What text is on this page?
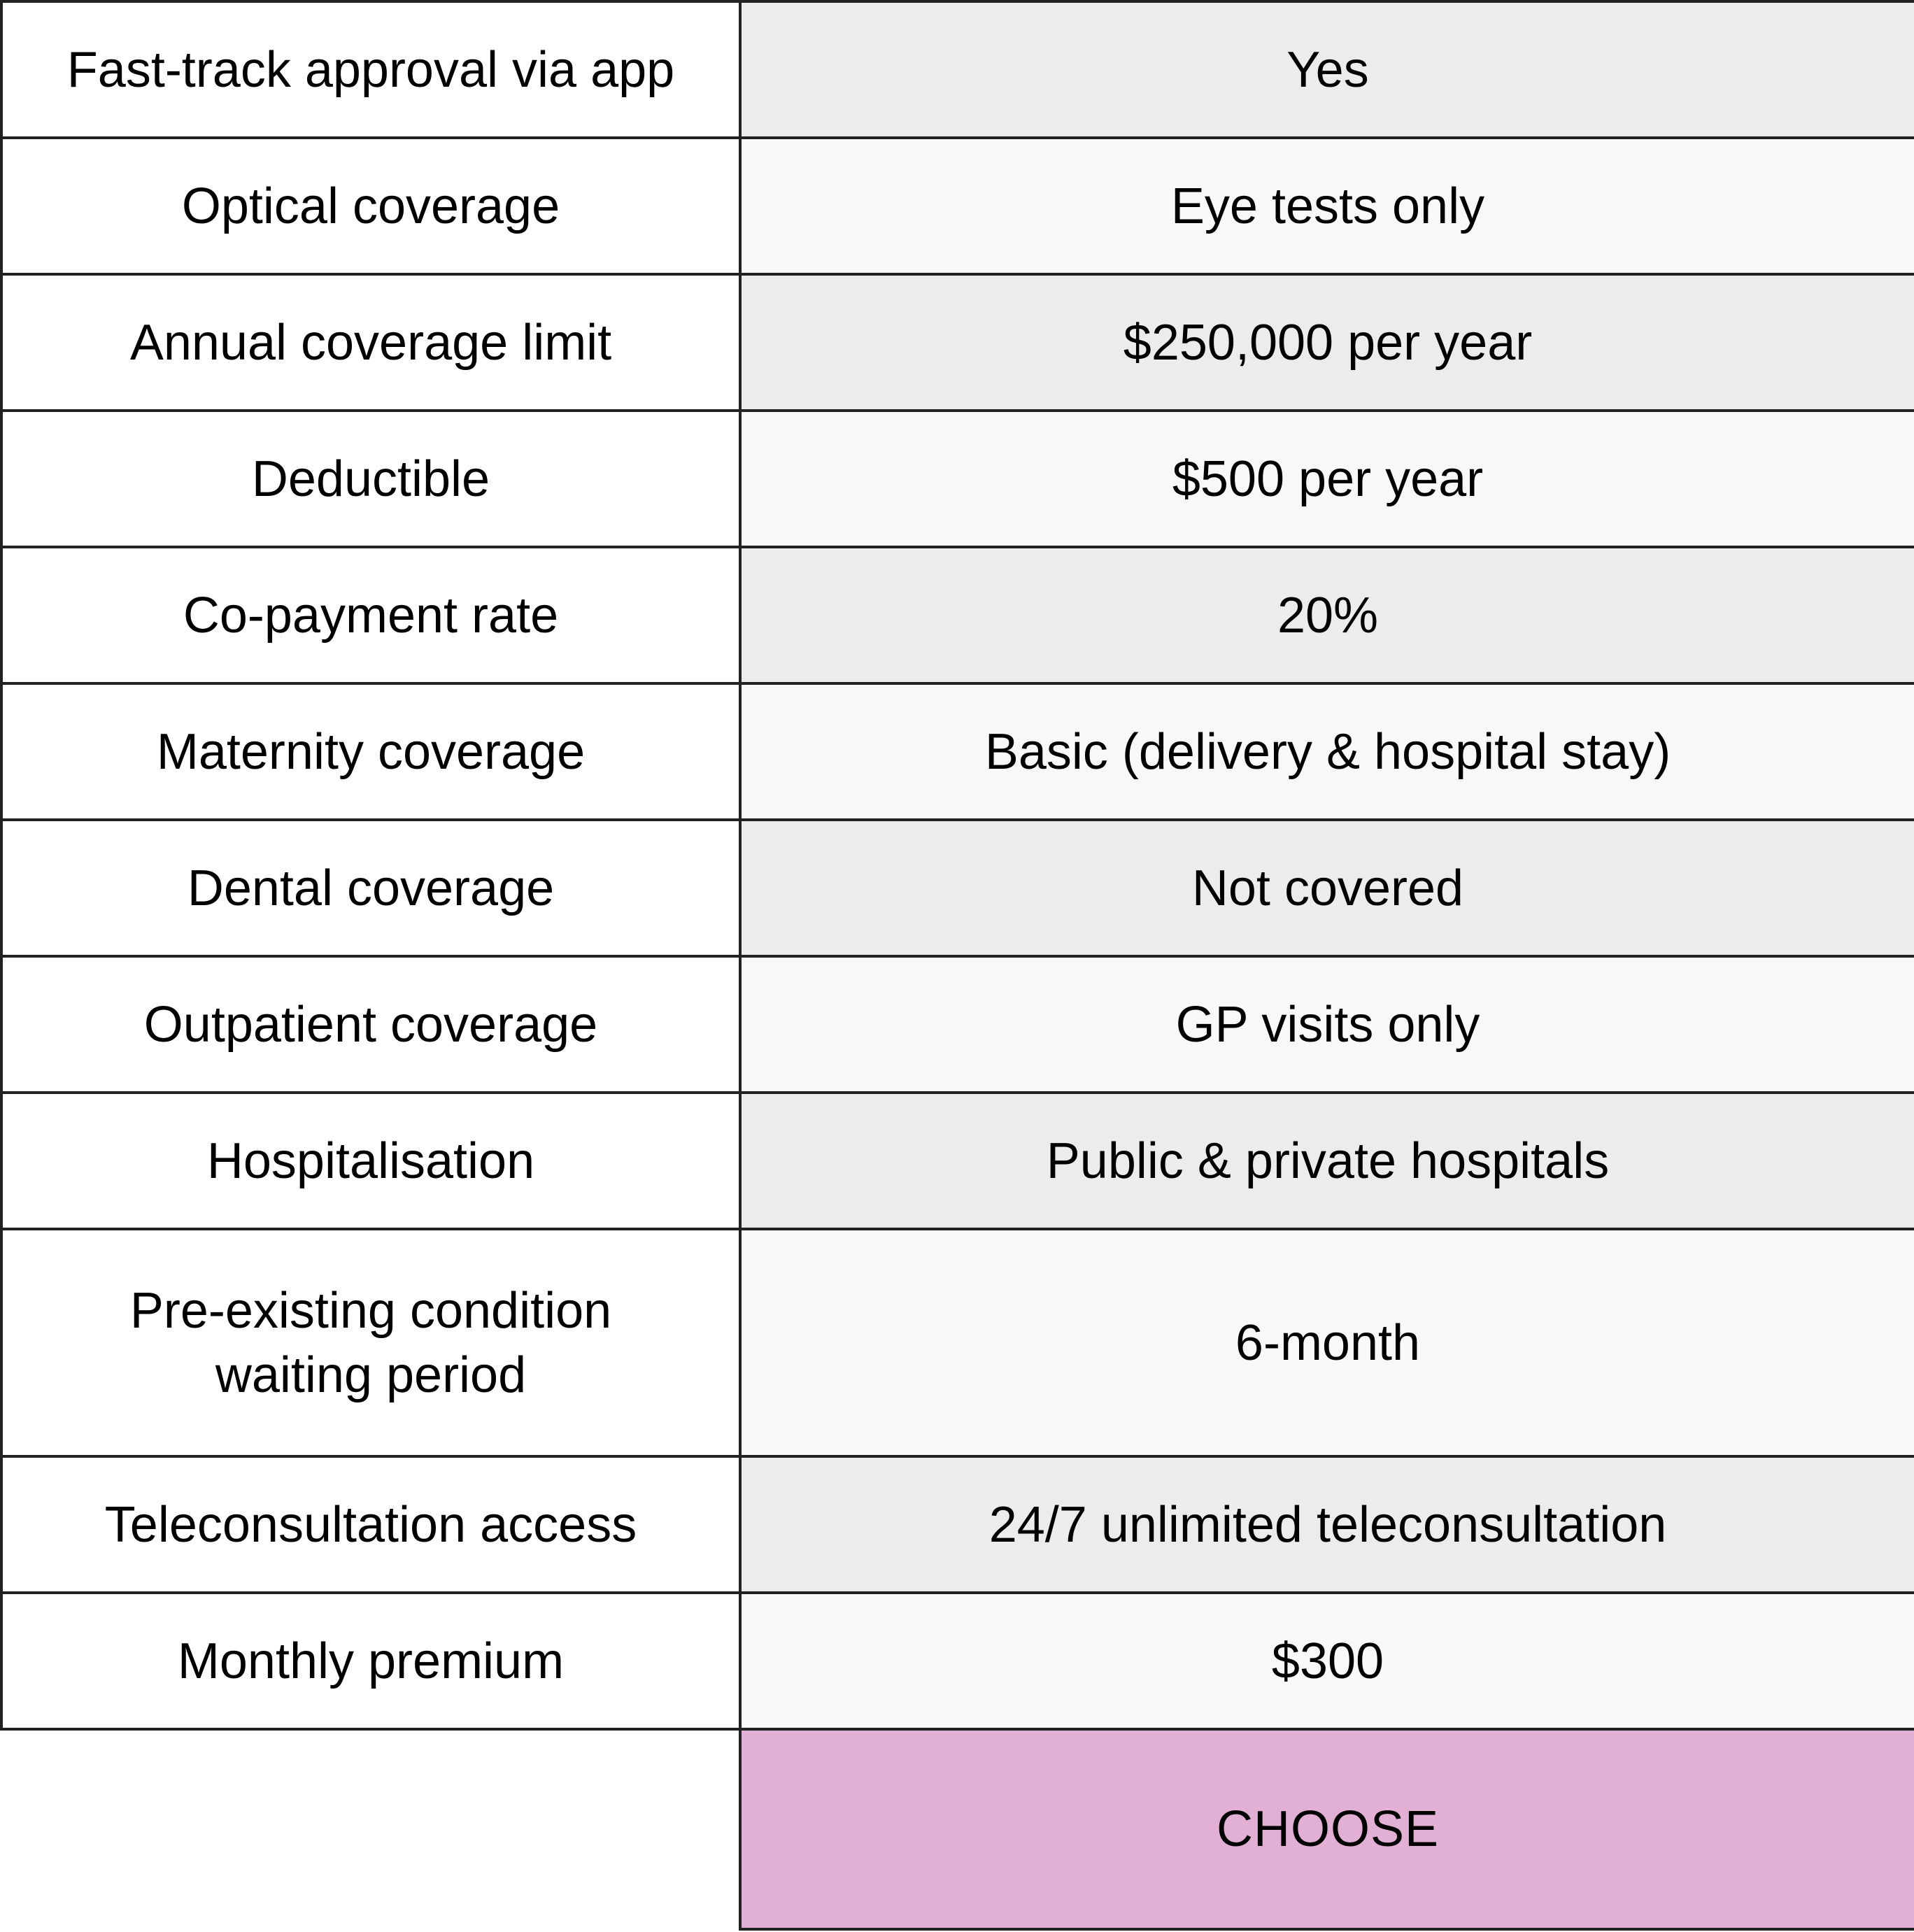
Fast-track approval via app	Yes
Optical coverage	Eye tests only
Annual coverage limit	$250,000 per year
Deductible	$500 per year
Co-payment rate	20%
Maternity coverage	Basic (delivery & hospital stay)
Dental coverage	Not covered
Outpatient coverage	GP visits only
Hospitalisation	Public & private hospitals

Pre-existing condition
waiting period	6-month
Teleconsultation access	24/7 unlimited teleconsultation
Monthly premium	$300

CHOOSE
